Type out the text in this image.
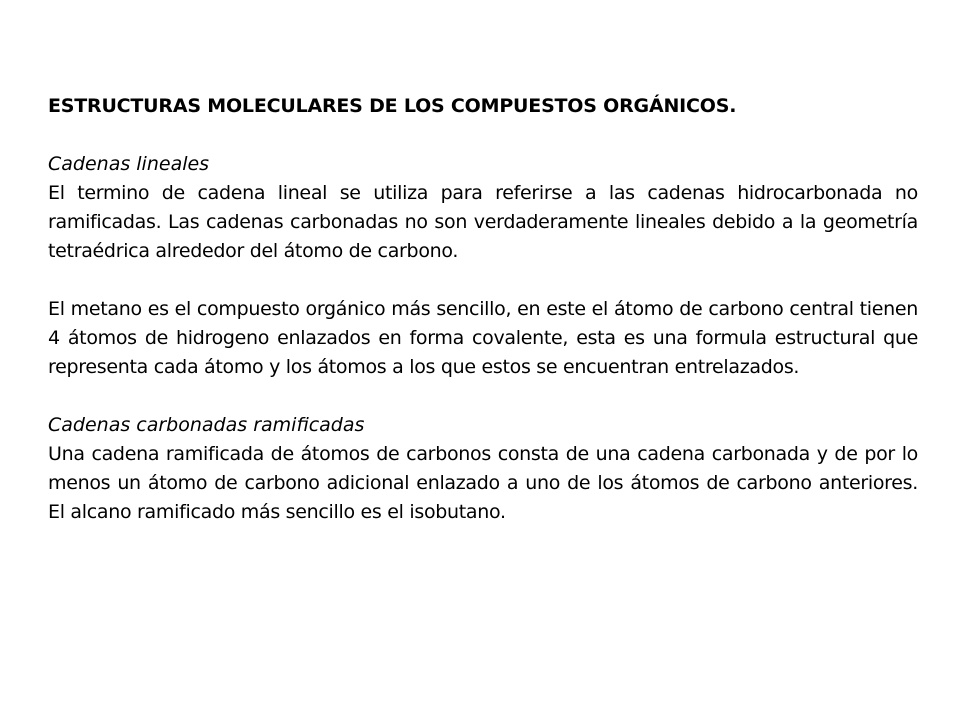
ESTRUCTURAS MOLECULARES DE LOS COMPUESTOS ORGÁNICOS.

Cadenas lineales

El termino de cadena lineal se utiliza para referirse a las cadenas hidrocarbonada no ramificadas. Las cadenas carbonadas no son verdaderamente lineales debido a la geometría tetraédrica alrededor del átomo de carbono.

El metano es el compuesto orgánico más sencillo, en este el átomo de carbono central tienen 4 átomos de hidrogeno enlazados en forma covalente, esta es una formula estructural que representa cada átomo y los átomos a los que estos se encuentran entrelazados.

Cadenas carbonadas ramificadas

Una cadena ramificada de átomos de carbonos consta de una cadena carbonada y de por lo menos un átomo de carbono adicional enlazado a uno de los átomos de carbono anteriores. El alcano ramificado más sencillo es el isobutano.
